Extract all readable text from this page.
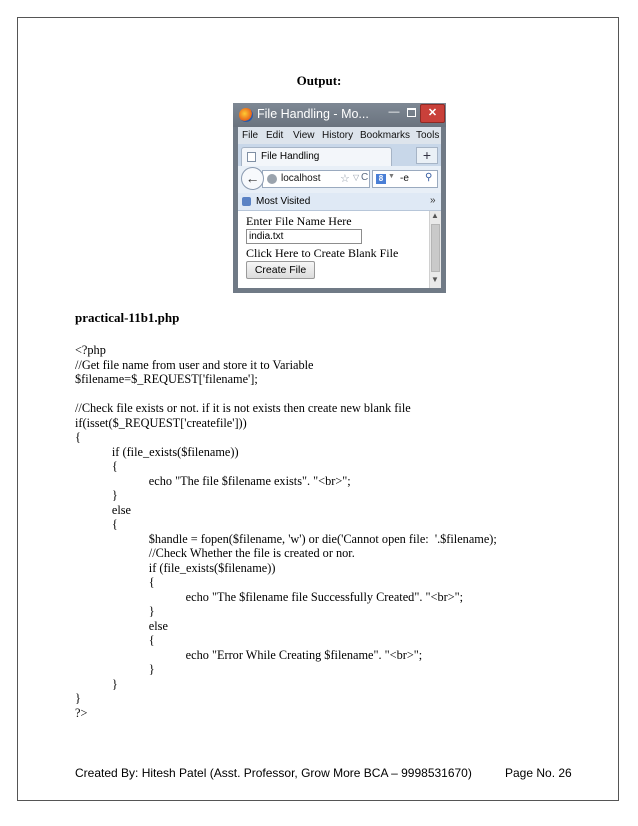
Output:
File Handling - Mo... —	✕
File Edit View History Bookmarks Tools
File Handling	+
localhost ☆ ▽ C
←	8 ▼ -e ⚲
Most Visited	»
Enter File Name Here
india.txt
Click Here to Create Blank File
Create File
▲
▼
practical-11b1.php
<?php
//Get file name from user and store it to Variable
$filename=$_REQUEST['filename'];
//Check file exists or not. if it is not exists then create new blank file
if(isset($_REQUEST['createfile']))
{
if (file_exists($filename))
{
echo "The file $filename exists". "<br>";
}
else
{
$handle = fopen($filename, 'w') or die('Cannot open file:  '.$filename);
//Check Whether the file is created or nor.
if (file_exists($filename))
{
echo "The $filename file Successfully Created". "<br>";
}
else
{
echo "Error While Creating $filename". "<br>";
}
}
}
?>
Created By: Hitesh Patel (Asst. Professor, Grow More BCA – 9998531670)	Page No. 26
